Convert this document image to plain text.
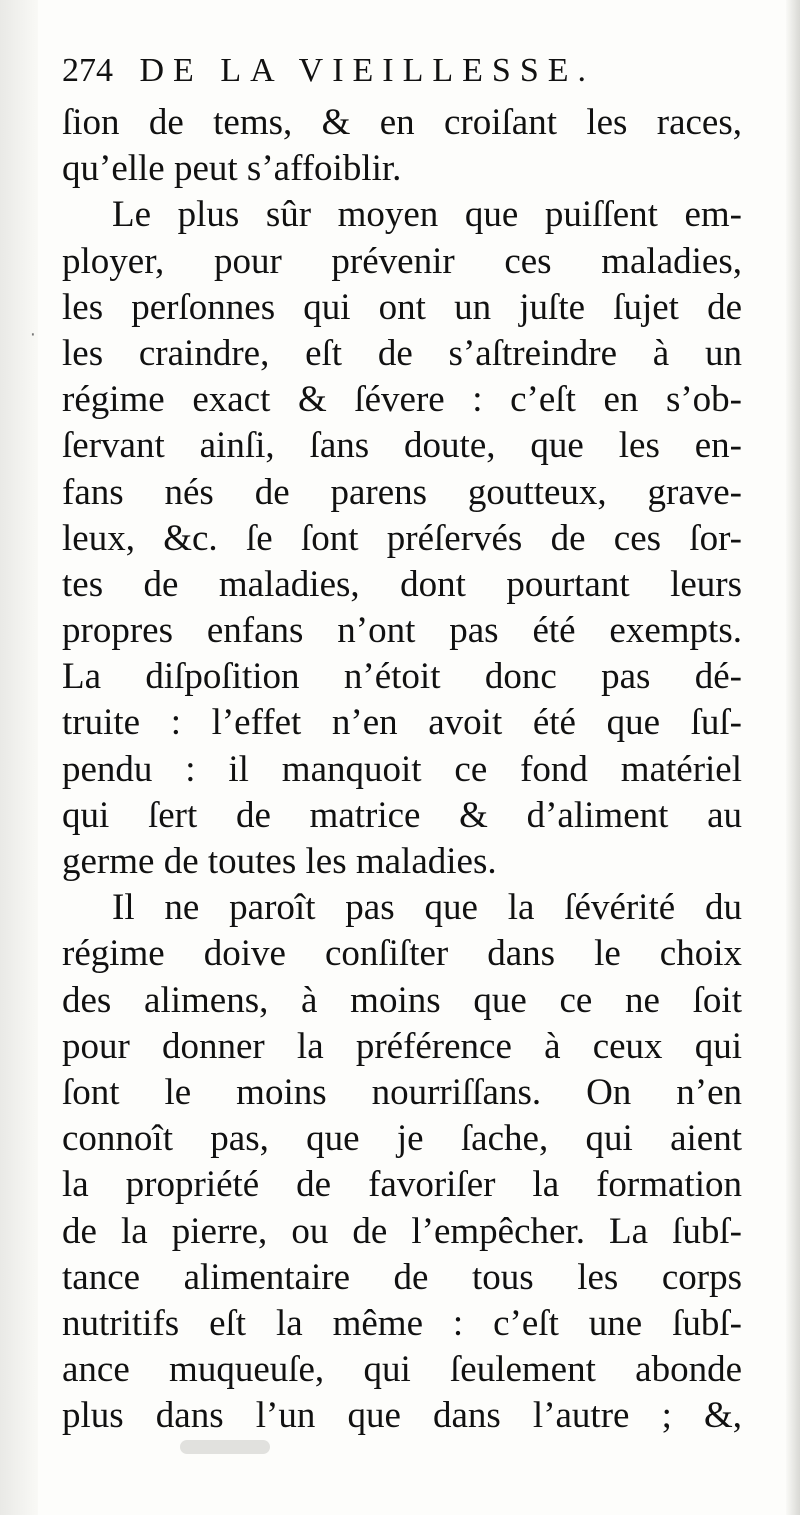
274 DE LA VIEILLESSE.
ſion de tems, & en croiſant les races,
qu’elle peut s’affoiblir.
Le plus sûr moyen que puiſſent em-
ployer, pour prévenir ces maladies,
les perſonnes qui ont un juſte ſujet de
les craindre, eſt de s’aſtreindre à un
régime exact & ſévere : c’eſt en s’ob-
ſervant ainſi, ſans doute, que les en-
fans nés de parens goutteux, grave-
leux, &c. ſe ſont préſervés de ces ſor-
tes de maladies, dont pourtant leurs
propres enfans n’ont pas été exempts.
La diſpoſition n’étoit donc pas dé-
truite : l’effet n’en avoit été que ſuſ-
pendu : il manquoit ce fond matériel
qui ſert de matrice & d’aliment au
germe de toutes les maladies.
Il ne paroît pas que la ſévérité du
régime doive conſiſter dans le choix
des alimens, à moins que ce ne ſoit
pour donner la préférence à ceux qui
ſont le moins nourriſſans. On n’en
connoît pas, que je ſache, qui aient
la propriété de favoriſer la formation
de la pierre, ou de l’empêcher. La ſubſ-
tance alimentaire de tous les corps
nutritifs eſt la même : c’eſt une ſubſ-
ance muqueuſe, qui ſeulement abonde
plus dans l’un que dans l’autre ; &,
‧
